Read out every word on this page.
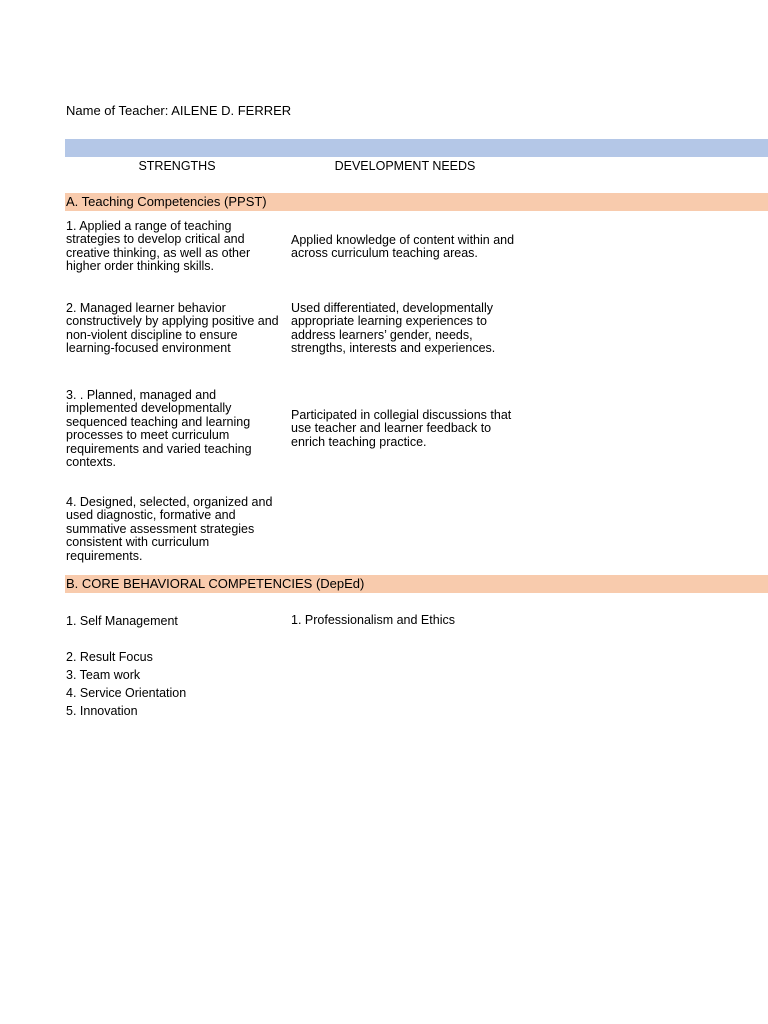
Name of Teacher: AILENE D. FERRER
STRENGTHS	DEVELOPMENT NEEDS
A. Teaching Competencies (PPST)
1. Applied a range of teaching strategies to develop critical and creative thinking, as well as other higher order thinking skills.
2. Managed learner behavior constructively by applying positive and non-violent discipline to ensure learning-focused environment
3. . Planned, managed and implemented developmentally sequenced teaching and learning processes to meet curriculum requirements and varied teaching contexts.
4. Designed, selected, organized and used diagnostic, formative and summative assessment strategies consistent with curriculum requirements.
Applied knowledge of content within and across curriculum teaching areas.
Used differentiated, developmentally appropriate learning experiences to address learners’ gender, needs, strengths, interests and experiences.
Participated in collegial discussions that use teacher and learner feedback to enrich teaching practice.
B. CORE BEHAVIORAL COMPETENCIES (DepEd)
1. Self Management
2. Result Focus
3. Team work
4. Service Orientation
5. Innovation
1. Professionalism and Ethics
